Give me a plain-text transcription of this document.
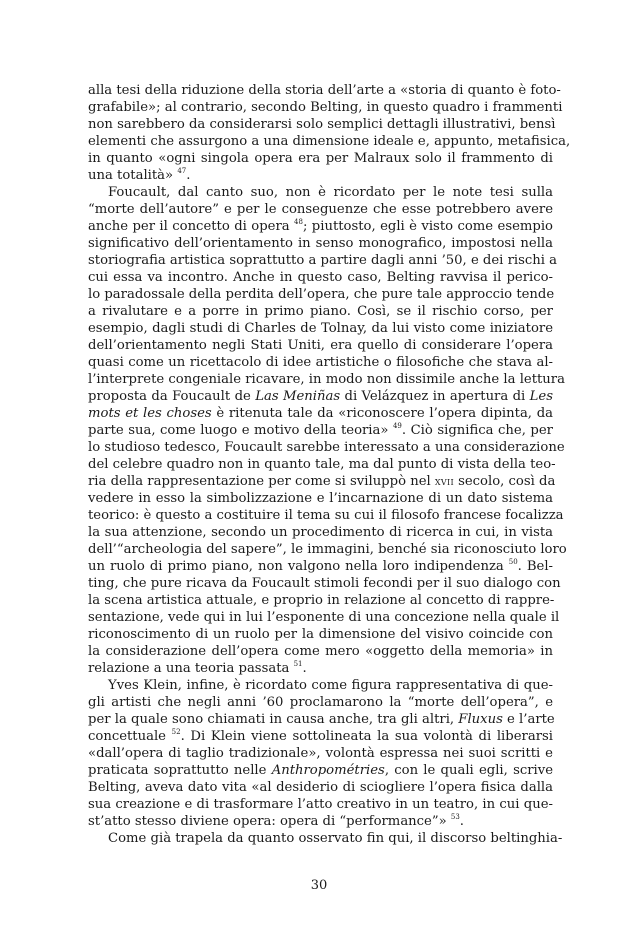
alla tesi della riduzione della storia dell’arte a «storia di quanto è foto-
grafabile»; al contrario, secondo Belting, in questo quadro i frammenti
non sarebbero da considerarsi solo semplici dettagli illustrativi, bensì
elementi che assurgono a una dimensione ideale e, appunto, metafisica,
in quanto «ogni singola opera era per Malraux solo il frammento di
una totalità» $^{47}$.
Foucault, dal canto suo, non è ricordato per le note tesi sulla
“morte dell’autore” e per le conseguenze che esse potrebbero avere
anche per il concetto di opera $^{48}$; piuttosto, egli è visto come esempio
significativo dell’orientamento in senso monografico, impostosi nella
storiografia artistica soprattutto a partire dagli anni ’50, e dei rischi a
cui essa va incontro. Anche in questo caso, Belting ravvisa il perico-
lo paradossale della perdita dell’opera, che pure tale approccio tende
a rivalutare e a porre in primo piano. Così, se il rischio corso, per
esempio, dagli studi di Charles de Tolnay, da lui visto come iniziatore
dell’orientamento negli Stati Uniti, era quello di considerare l’opera
quasi come un ricettacolo di idee artistiche o filosofiche che stava al-
l’interprete congeniale ricavare, in modo non dissimile anche la lettura
proposta da Foucault de Las Meniñas di Velázquez in apertura di Les
mots et les choses è ritenuta tale da «riconoscere l’opera dipinta, da
parte sua, come luogo e motivo della teoria» $^{49}$. Ciò significa che, per
lo studioso tedesco, Foucault sarebbe interessato a una considerazione
del celebre quadro non in quanto tale, ma dal punto di vista della teo-
ria della rappresentazione per come si sviluppò nel xvii secolo, così da
vedere in esso la simbolizzazione e l’incarnazione di un dato sistema
teorico: è questo a costituire il tema su cui il filosofo francese focalizza
la sua attenzione, secondo un procedimento di ricerca in cui, in vista
dell’“archeologia del sapere”, le immagini, benché sia riconosciuto loro
un ruolo di primo piano, non valgono nella loro indipendenza $^{50}$. Bel-
ting, che pure ricava da Foucault stimoli fecondi per il suo dialogo con
la scena artistica attuale, e proprio in relazione al concetto di rappre-
sentazione, vede qui in lui l’esponente di una concezione nella quale il
riconoscimento di un ruolo per la dimensione del visivo coincide con
la considerazione dell’opera come mero «oggetto della memoria» in
relazione a una teoria passata $^{51}$.
Yves Klein, infine, è ricordato come figura rappresentativa di que-
gli artisti che negli anni ’60 proclamarono la “morte dell’opera”, e
per la quale sono chiamati in causa anche, tra gli altri, Fluxus e l’arte
concettuale $^{52}$. Di Klein viene sottolineata la sua volontà di liberarsi
«dall’opera di taglio tradizionale», volontà espressa nei suoi scritti e
praticata soprattutto nelle Anthropométries, con le quali egli, scrive
Belting, aveva dato vita «al desiderio di sciogliere l’opera fisica dalla
sua creazione e di trasformare l’atto creativo in un teatro, in cui que-
st’atto stesso diviene opera: opera di “performance”» $^{53}$.
Come già trapela da quanto osservato fin qui, il discorso beltinghia-
30
